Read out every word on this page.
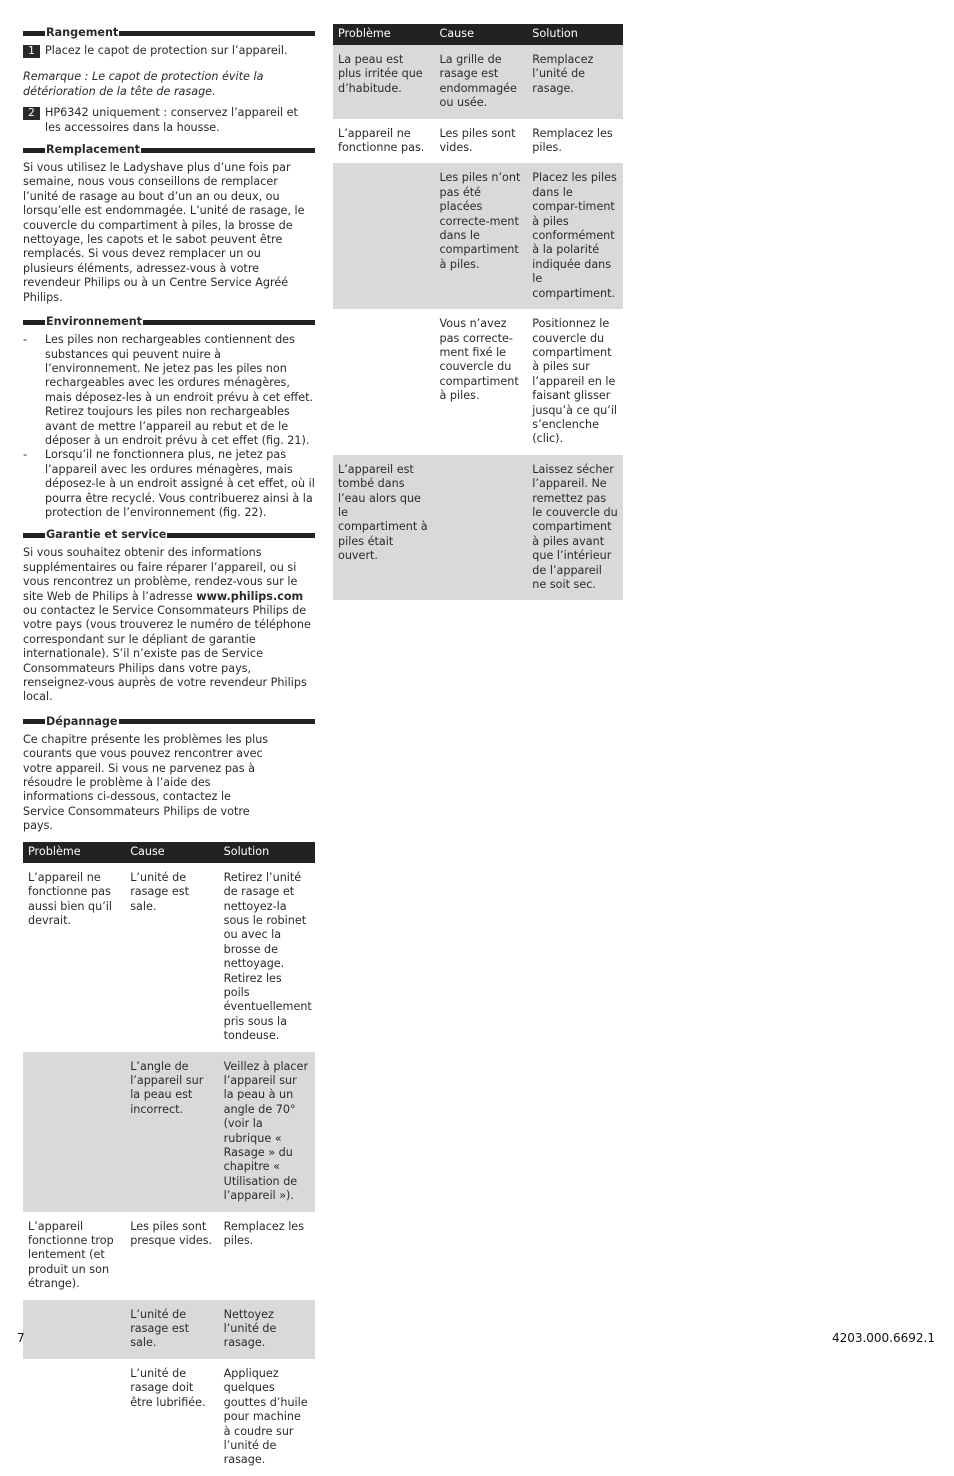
Rangement
1 Placez le capot de protection sur l’appareil.

Remarque : Le capot de protection évite la détérioration de la tête de rasage.

2 HP6342 uniquement : conservez l’appareil et les accessoires dans la housse.
Remplacement

Si vous utilisez le Ladyshave plus d’une fois par semaine, nous vous conseillons de remplacer l’unité de rasage au bout d’un an ou deux, ou lorsqu’elle est endommagée. L’unité de rasage, le couvercle du compartiment à piles, la brosse de nettoyage, les capots et le sabot peuvent être remplacés. Si vous devez remplacer un ou plusieurs éléments, adressez-vous à votre revendeur Philips ou à un Centre Service Agréé Philips.

Environnement
- Les piles non rechargeables contiennent des substances qui peuvent nuire à l’environnement. Ne jetez pas les piles non rechargeables avec les ordures ménagères, mais déposez-les à un endroit prévu à cet effet. Retirez toujours les piles non rechargeables avant de mettre l’appareil au rebut et de le déposer à un endroit prévu à cet effet (fig. 21).
- Lorsqu’il ne fonctionnera plus, ne jetez pas l’appareil avec les ordures ménagères, mais déposez-le à un endroit assigné à cet effet, où il pourra être recyclé. Vous contribuerez ainsi à la protection de l’environnement (fig. 22).
Garantie et service

Si vous souhaitez obtenir des informations supplémentaires ou faire réparer l’appareil, ou si vous rencontrez un problème, rendez-vous sur le site Web de Philips à l’adresse www.philips.com ou contactez le Service Consommateurs Philips de votre pays (vous trouverez le numéro de téléphone correspondant sur le dépliant de garantie internationale). S’il n’existe pas de Service Consommateurs Philips dans votre pays, renseignez-vous auprès de votre revendeur Philips local.

Dépannage

Ce chapitre présente les problèmes les plus courants que vous pouvez rencontrer avec votre appareil. Si vous ne parvenez pas à résoudre le problème à l’aide des informations ci-dessous, contactez le Service Consommateurs Philips de votre pays.

Problème	Cause	Solution
L’appareil ne fonctionne pas aussi bien qu’il devrait.	L’unité de rasage est sale.	Retirez l’unité de rasage et nettoyez-la sous le robinet ou avec la brosse de nettoyage. Retirez les poils éventuellement pris sous la tondeuse.
	L’angle de l’appareil sur la peau est incorrect.	Veillez à placer l’appareil sur la peau à un angle de 70° (voir la rubrique « Rasage » du chapitre « Utilisation de l’appareil »).
L’appareil fonctionne trop lentement (et produit un son étrange).	Les piles sont presque vides.	Remplacez les piles.
	L’unité de rasage est sale.	Nettoyez l’unité de rasage.
	L’unité de rasage doit être lubrifiée.	Appliquez quelques gouttes d’huile pour machine à coudre sur l’unité de rasage.
Problème	Cause	Solution
La peau est plus irritée que d’habitude.	La grille de rasage est endommagée ou usée.	Remplacez l’unité de rasage.
L’appareil ne fonctionne pas.	Les piles sont vides.	Remplacez les piles.
	Les piles n’ont pas été placées correcte-ment dans le compartiment à piles.	Placez les piles dans le compar-timent à piles conformément à la polarité indiquée dans le compartiment.
	Vous n’avez pas correcte-ment fixé le couvercle du compartiment à piles.	Positionnez le couvercle du compartiment à piles sur l’appareil en le faisant glisser jusqu’à ce qu’il s’enclenche (clic).
L’appareil est tombé dans l’eau alors que le compartiment à piles était ouvert.		Laissez sécher l’appareil. Ne remettez pas le couvercle du compartiment à piles avant que l’intérieur de l’appareil ne soit sec.
7	4203.000.6692.1
